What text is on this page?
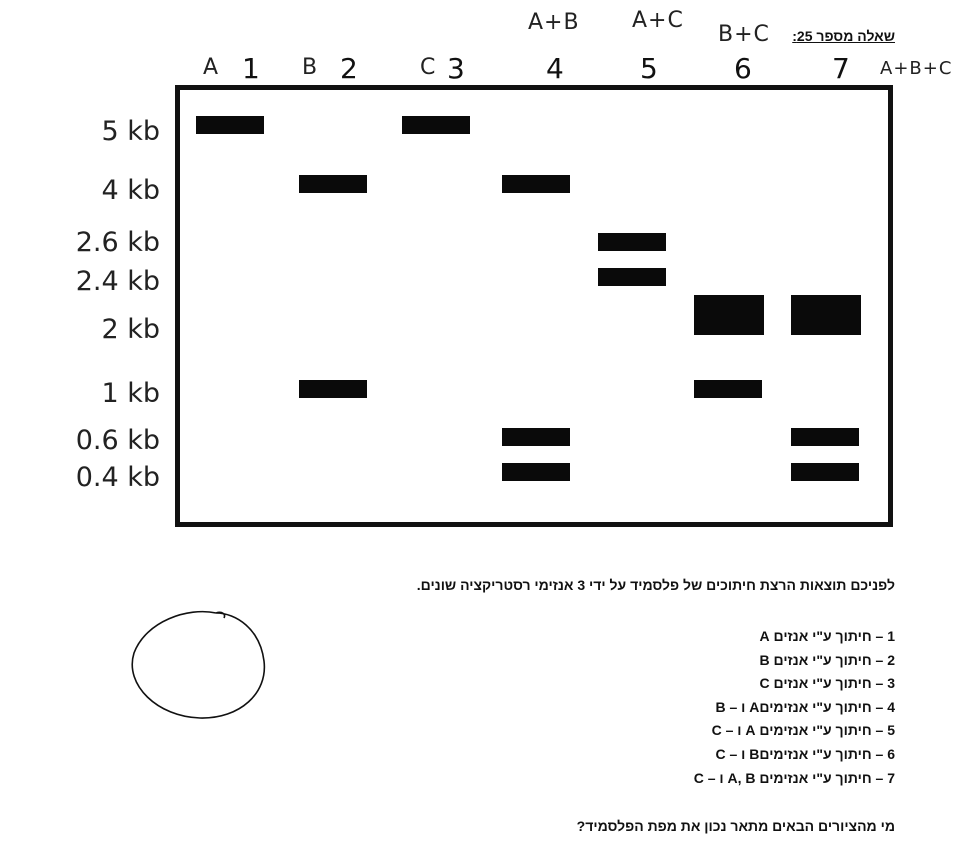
שאלה מספר 25:
A+B A+C
B+C
A+B+C
A	B	C
1	2	3	4	5	6	7
5 kb
4 kb
2.6 kb
2.4 kb
2 kb
1 kb
0.6 kb
0.4 kb
לפניכם תוצאות הרצת חיתוכים של פלסמיד על ידי 3 אנזימי רסטריקציה שונים.
1 – חיתוך ע"י אנזים A
2 – חיתוך ע"י אנזים B
3 – חיתוך ע"י אנזים C
4 – חיתוך ע"י אנזימיםA ו – B
5 – חיתוך ע"י אנזימים A ו – C
6 – חיתוך ע"י אנזימיםB ו – C
7 – חיתוך ע"י אנזימים A, B ו – C
מי מהציורים הבאים מתאר נכון את מפת הפלסמיד?
